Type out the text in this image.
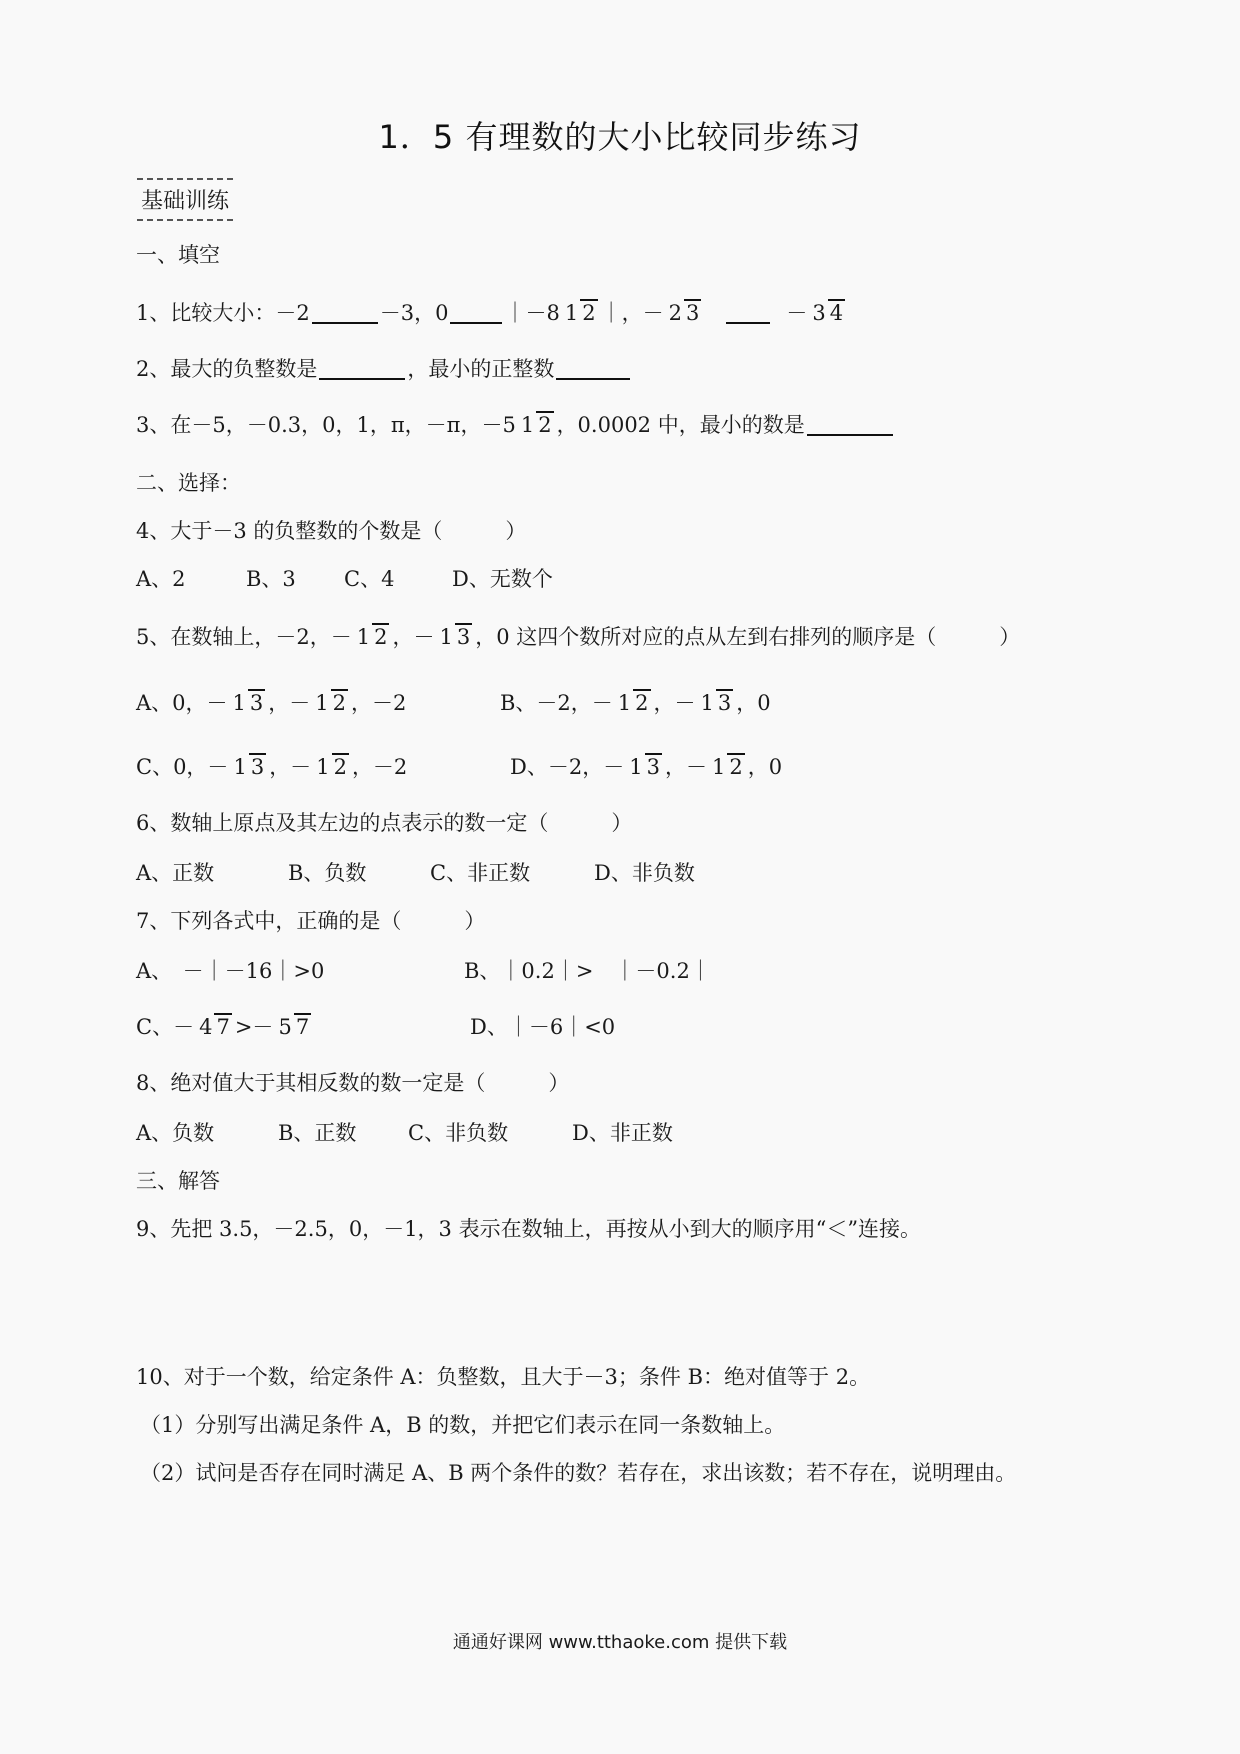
1．5 有理数的大小比较同步练习
基础训练
一、填空
1、比较大小：－2	－3，0	｜－8 1 2 ｜，－ 2 3	－ 3 4
2、最大的负整数是	，最小的正整数
3、在－5，－0.3，0，1，π，－π，－5 1 2 ，0.0002 中，最小的数是
二、选择：
4、大于－3 的负整数的个数是（　　　）
A、2	B、3	C、4	D、无数个
5、在数轴上，－2，－ 1 2 ，－ 1 3 ，0 这四个数所对应的点从左到右排列的顺序是（　　　）
A、0，－ 1 3 ，－ 1 2 ，－2	B、－2，－ 1 2 ，－ 1 3 ，0
C、0，－ 1 3 ，－ 1 2 ，－2	D、－2，－ 1 3 ，－ 1 2 ，0
6、数轴上原点及其左边的点表示的数一定（　　　）
A、正数	B、负数	C、非正数	D、非负数
7、下列各式中，正确的是（　　　）
A、　－｜－16｜>0	B、｜0.2｜>　｜－0.2｜
C、－ 4 7 >－ 5 7	D、｜－6｜<0
8、绝对值大于其相反数的数一定是（　　　）
A、负数	B、正数	C、非负数	D、非正数
三、解答
9、先把 3.5，－2.5，0，－1，3 表示在数轴上，再按从小到大的顺序用“＜”连接。
10、对于一个数，给定条件 A：负整数，且大于－3；条件 B：绝对值等于 2。
（1）分别写出满足条件 A，B 的数，并把它们表示在同一条数轴上。
（2）试问是否存在同时满足 A、B 两个条件的数？若存在，求出该数；若不存在，说明理由。
通通好课网 www.tthaoke.com 提供下载
